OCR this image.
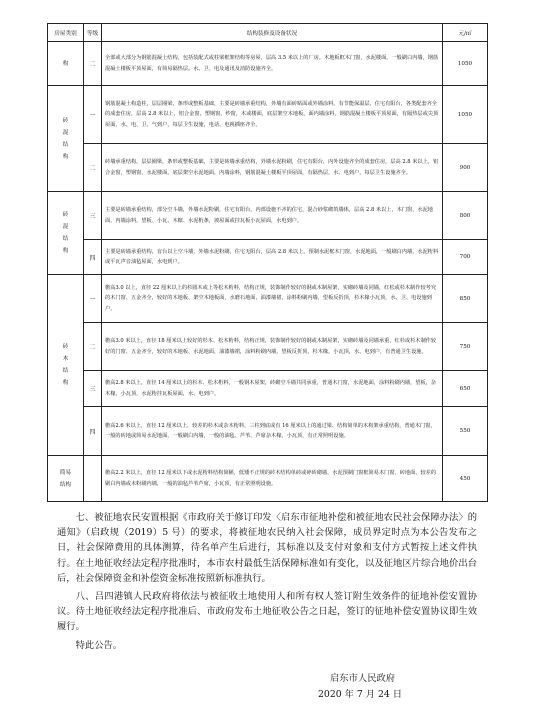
房屋类别	等级	结构装修及设备状况	元/㎡

构	二	全部或大部分为钢筋混凝土结构，包括装配式或柱梁框架结构等房屋，层高 3.5 米以上的厂房。木地板框木门窗，水泥楼面，一般刷白内墙，钢筋混凝土楼板平顶屋面，有简易隔热层。水、卫、电及通讯及消防设施齐全。	1050

砖
混
结
构	一	钢筋混凝土构造柱，层层圈梁，条形或整板基础，主要是砖墙承重结构，外墙有面砖贴面或外墙涂料，有节能保温层，住宅有阳台，各类配套齐全的成套住房，层高 2.8 米以上，铝合金窗，塑钢窗，纱窗，木或楼面，底层架空木地板，面内墙涂料，钢筋混凝土楼板平顶屋面，有隔热层或尖顶屋面，水、电、卫、气到户，每层卫生设施，电话、电视插座齐全。	1050
	二	砖墙承重结构，层层圈梁，条形或整板基础，主要是砖墙承重结构，外墙水泥粉刷，住宅有阳台，内外设施齐全的成套住房，层高 2.8 米以上，铝合金窗，塑钢窗，水泥楼面，底层架空水泥地面，内墙涂料，钢筋混凝土楼板平顶屋面，有隔热层，水、电到户，每层卫生设施齐全。	900

砖
混
结
构	三	主要是砖墙承重结构，部分空斗墙，外墙水泥粉刷，住宅有阳台，内部设施不齐的住宅，混合砂浆砌筑墙体，层高 2.8 米以上，木门窗，水泥地面，内墙涂料，望板、小瓦、木檩、水泥桁条，坡屋面或挂瓦板小瓦屋面，水电到户。	800
	四	主要是砖墙承重结构，盲台以上空斗墙，外墙水泥粉刷，住宅无阳台，层高 2.8 米以上，预制水泥框木门窗，水泥地面，一般刷白内墙，水泥桁料或平瓦声音油毡屋面，水电到户。	700

砖
木
结
构	一	檐高3.0 以上，直径 22 厘米以上的杉圆木或上等松木桁料，结构正规，装饰制作较好的钢或木制屋架，实砌砖墙及同墙，红松或杉木制作较考究的木门窗、五金齐全，较好的木地板、架空木地板面，水磨石地面，油漆墙裙，涂料粉刷内墙，望板反折顶，杉木椽小瓦顶，水、卫、电设施到户。	850
	二	檐高3.0 米以上，直径 18 厘米以上较好的杉木、松木桁料，结构正规，装饰制作较好的钢或木制屋架，实砌砖墙及同墙承重，红杉或杉木制作较好的门窗、五金齐全，较好的木地板、水泥地面，油漆墙裙，涂料粉刷内墙，望板反折顶，杉木椽，小瓦顶，水、电到户，有普通卫生设施。	750
	三	檐高2.8 米以上，直径 14 厘米以上的杉木、松木桁料，一般钢木屋架，砖砌空斗墙共同承重，普通木门窗，水泥地面，涂料粉刷内墙，望板，杂木椽，小瓦顶，水泥桁挂瓦板屋面，水、电到户。	650
	四	檐高2.6 米以上，直径 12 厘米以上，较差的杉木或杂木桁料，三柱到底或有 16 厘米以上的通过梁、结构简单的木构架承重结构，普通木门窗，一般的砖地或简易水泥地面，一般刷白内墙，一般的油毡、芦苇，芦席杂木椽，小瓦顶，有正常照明设施。	550

简易
结构		檐高2.2 米以上，直径 12 厘米以下或水泥桁料结构简陋，低矮不正规的砖木结构单砖或碎砖砌墙，水泥预制门窗框简易木门窗，砖地面，较差的刷白内墙或未粉刷内墙，一般的油毡芦苇芦席，小瓦顶，有正常照明设施。	450

七、被征地农民安置根据《市政府关于修订印发〈启东市征地补偿和被征地农民社会保障办法〉的通知》（启政规（2019）5 号）的要求，将被征地农民纳入社会保障，成员界定时点为本公告发布之日，社会保障费用的具体测算，待名单产生后进行，其标准以及支付对象和支付方式暂按上述文件执行。在土地征收经法定程序批准时，本市农村最低生活保障标准如有变化，以及征地区片综合地价出台后，社会保障资金和补偿资金标准按照新标准执行。

八、吕四港镇人民政府将依法与被征收土地使用人和所有权人签订附生效条件的征地补偿安置协议。待土地征收经法定程序批准后、市政府发布土地征收公告之日起，签订的征地补偿安置协议即生效履行。

特此公告。

启东市人民政府

2020 年 7 月 24 日
